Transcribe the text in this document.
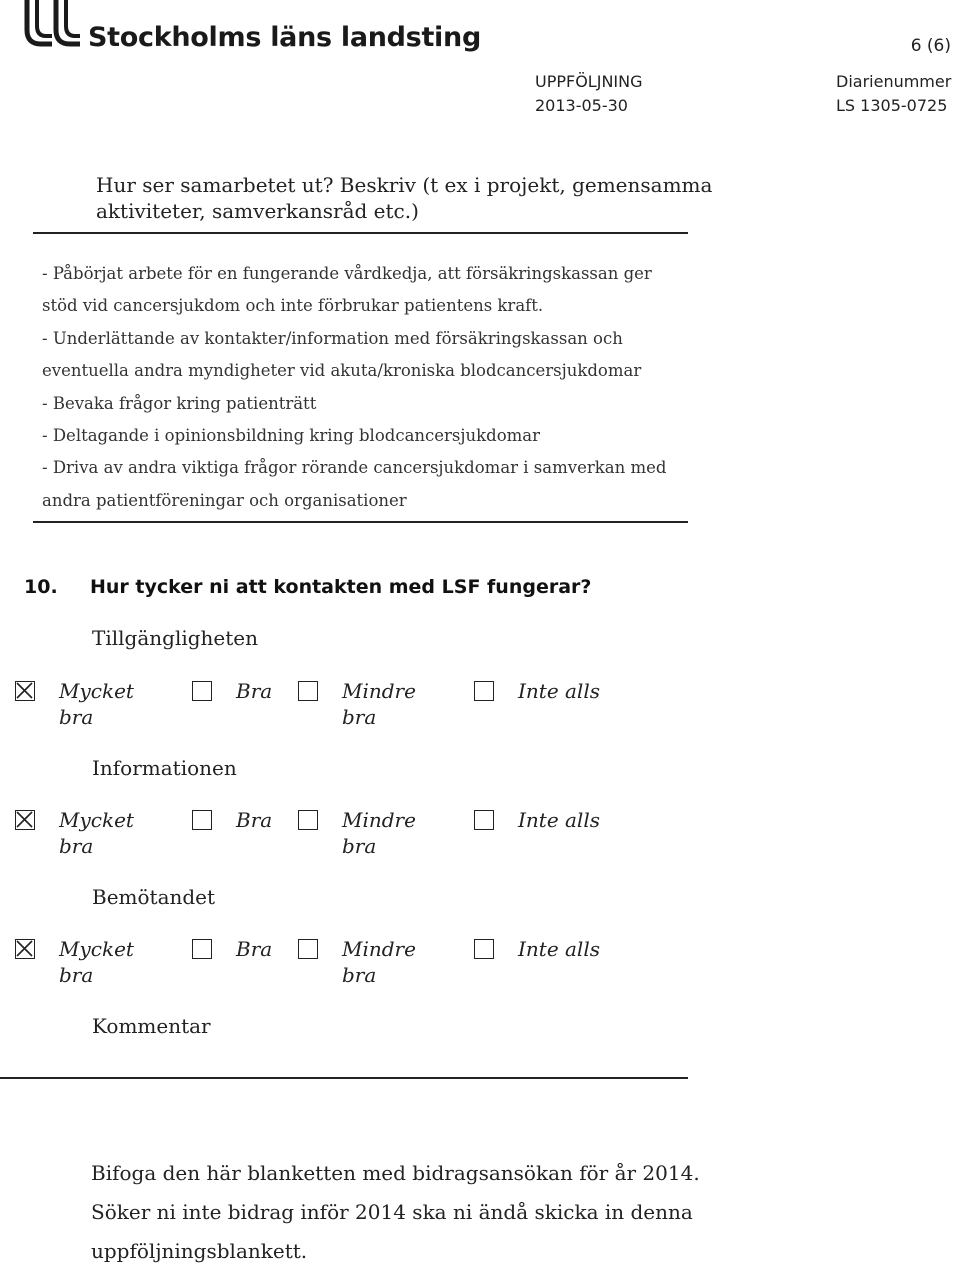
Stockholms läns landsting	6 (6)
UPPFÖLJNING
2013-05-30
Diarienummer
LS 1305-0725
Hur ser samarbetet ut? Beskriv (t ex i projekt, gemensamma
aktiviteter, samverkansråd etc.)

- Påbörjat arbete för en fungerande vårdkedja, att försäkringskassan ger

stöd vid cancersjukdom och inte förbrukar patientens kraft.

- Underlättande av kontakter/information med försäkringskassan och

eventuella andra myndigheter vid akuta/kroniska blodcancersjukdomar

- Bevaka frågor kring patienträtt

- Deltagande i opinionsbildning kring blodcancersjukdomar

- Driva av andra viktiga frågor rörande cancersjukdomar i samverkan med

andra patientföreningar och organisationer

10. Hur tycker ni att kontakten med LSF fungerar?
Tillgängligheten
Mycket
bra
Bra	Mindre
bra
Inte alls
Informationen
Mycket
bra
Bra	Mindre
bra
Inte alls
Bemötandet
Mycket
bra
Bra	Mindre
bra
Inte alls
Kommentar

Bifoga den här blanketten med bidragsansökan för år 2014.

Söker ni inte bidrag inför 2014 ska ni ändå skicka in denna

uppföljningsblankett.
